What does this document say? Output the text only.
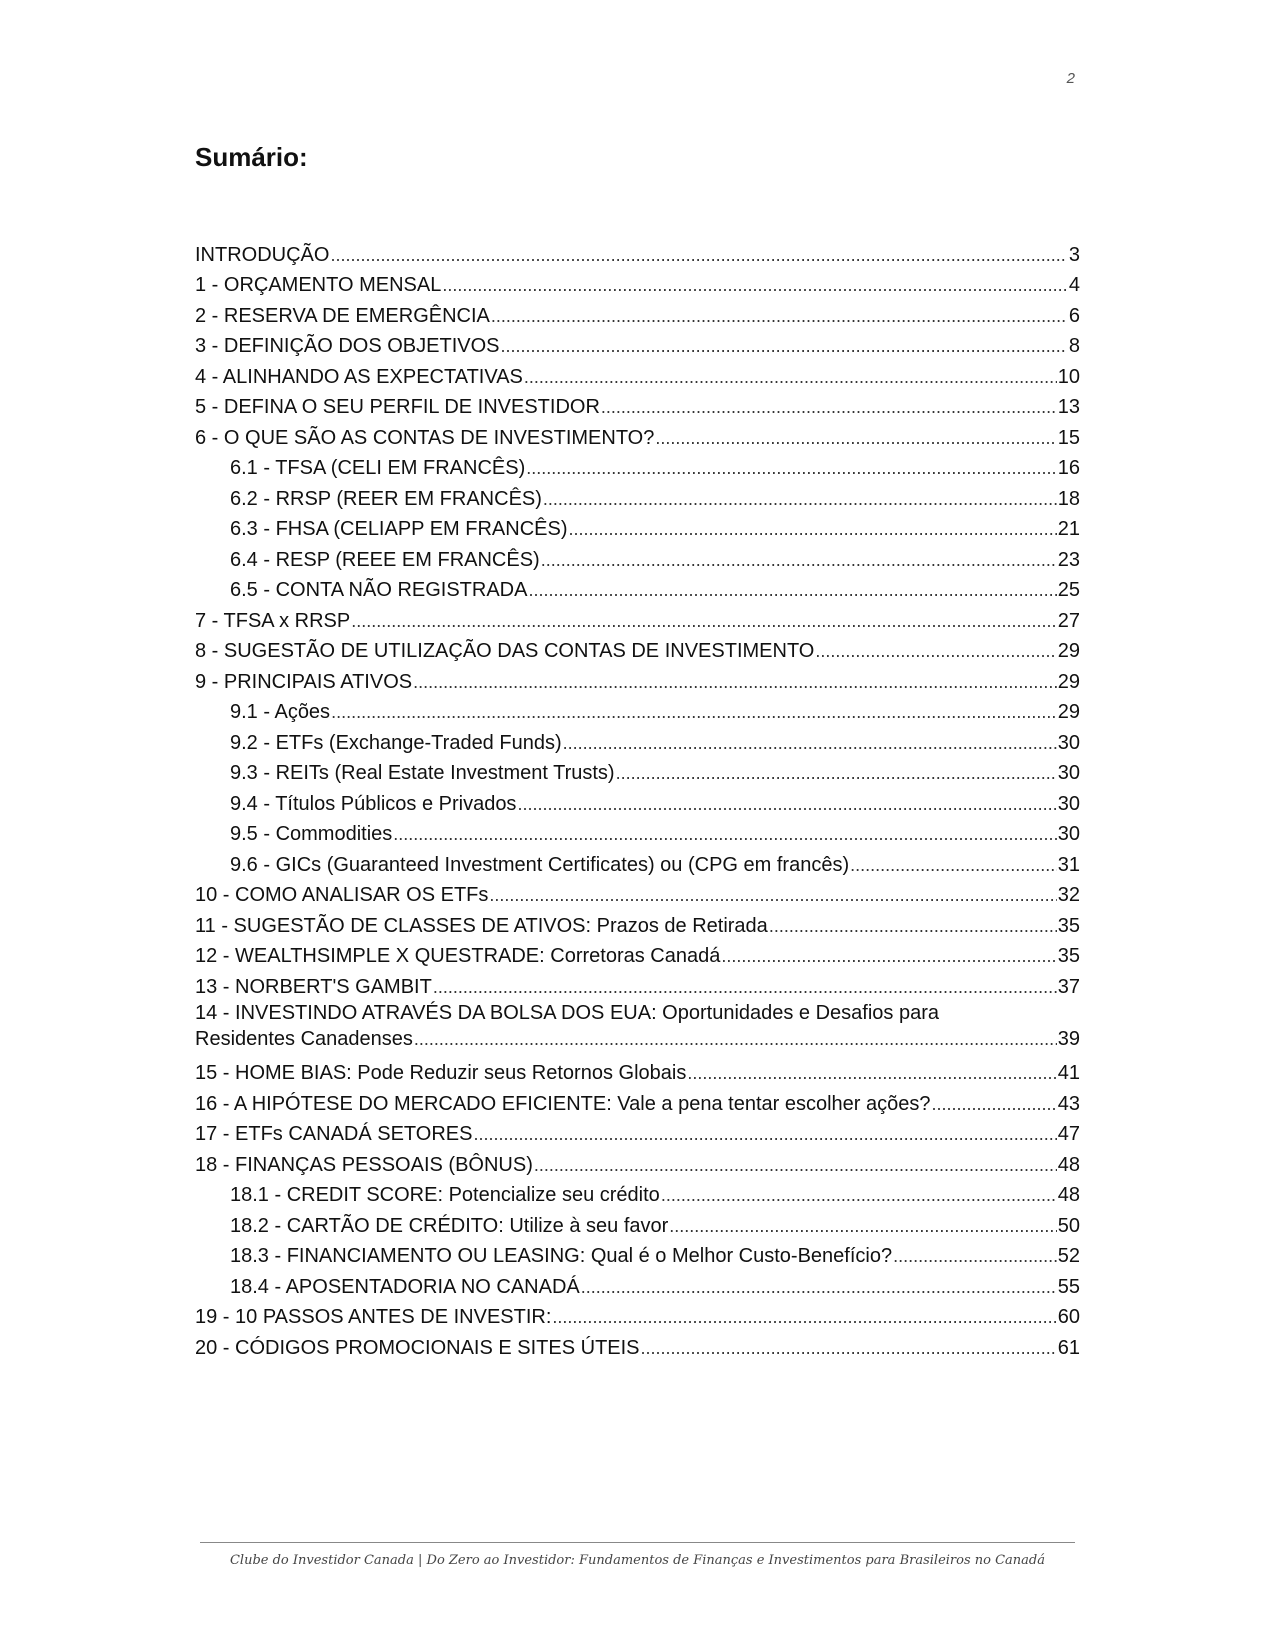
2
Sumário:
INTRODUÇÃO . . .	3
1 - ORÇAMENTO MENSAL . . .	4
2 - RESERVA DE EMERGÊNCIA . . .	6
3 - DEFINIÇÃO DOS OBJETIVOS . . .	8
4 - ALINHANDO AS EXPECTATIVAS . . .	10
5 - DEFINA O SEU PERFIL DE INVESTIDOR . . .	13
6 - O QUE SÃO AS CONTAS DE INVESTIMENTO? . . .	15
6.1 - TFSA (CELI EM FRANCÊS) . . .	16
6.2 - RRSP (REER EM FRANCÊS) . . .	18
6.3 - FHSA (CELIAPP EM FRANCÊS) . . .	21
6.4 - RESP (REEE EM FRANCÊS) . . .	23
6.5 - CONTA NÃO REGISTRADA . . .	25
7 - TFSA x RRSP . . .	27
8 - SUGESTÃO DE UTILIZAÇÃO DAS CONTAS DE INVESTIMENTO . . .	29
9 - PRINCIPAIS ATIVOS . . .	29
9.1 - Ações . . .	29
9.2 - ETFs (Exchange-Traded Funds) . . .	30
9.3 - REITs (Real Estate Investment Trusts) . . .	30
9.4 - Títulos Públicos e Privados . . .	30
9.5 - Commodities . . .	30
9.6 - GICs (Guaranteed Investment Certificates) ou (CPG em francês) . . .	31
10 - COMO ANALISAR OS ETFs . . .	32
11 - SUGESTÃO DE CLASSES DE ATIVOS: Prazos de Retirada . . .	35
12 - WEALTHSIMPLE X QUESTRADE: Corretoras Canadá . . .	35
13 - NORBERT'S GAMBIT . . .	37
14 - INVESTINDO ATRAVÉS DA BOLSA DOS EUA: Oportunidades e Desafios para
Residentes Canadenses . . .	39
15 - HOME BIAS: Pode Reduzir seus Retornos Globais . . .	41
16 - A HIPÓTESE DO MERCADO EFICIENTE: Vale a pena tentar escolher ações? . . .	43
17 - ETFs CANADÁ SETORES . . .	47
18 - FINANÇAS PESSOAIS (BÔNUS) . . .	48
18.1 - CREDIT SCORE: Potencialize seu crédito . . .	48
18.2 - CARTÃO DE CRÉDITO: Utilize à seu favor . . .	50
18.3 - FINANCIAMENTO OU LEASING: Qual é o Melhor Custo-Benefício? . . .	52
18.4 - APOSENTADORIA NO CANADÁ . . .	55
19 - 10 PASSOS ANTES DE INVESTIR: . . .	60
20 - CÓDIGOS PROMOCIONAIS E SITES ÚTEIS . . .	61
Clube do Investidor Canada | Do Zero ao Investidor: Fundamentos de Finanças e Investimentos para Brasileiros no Canadá
